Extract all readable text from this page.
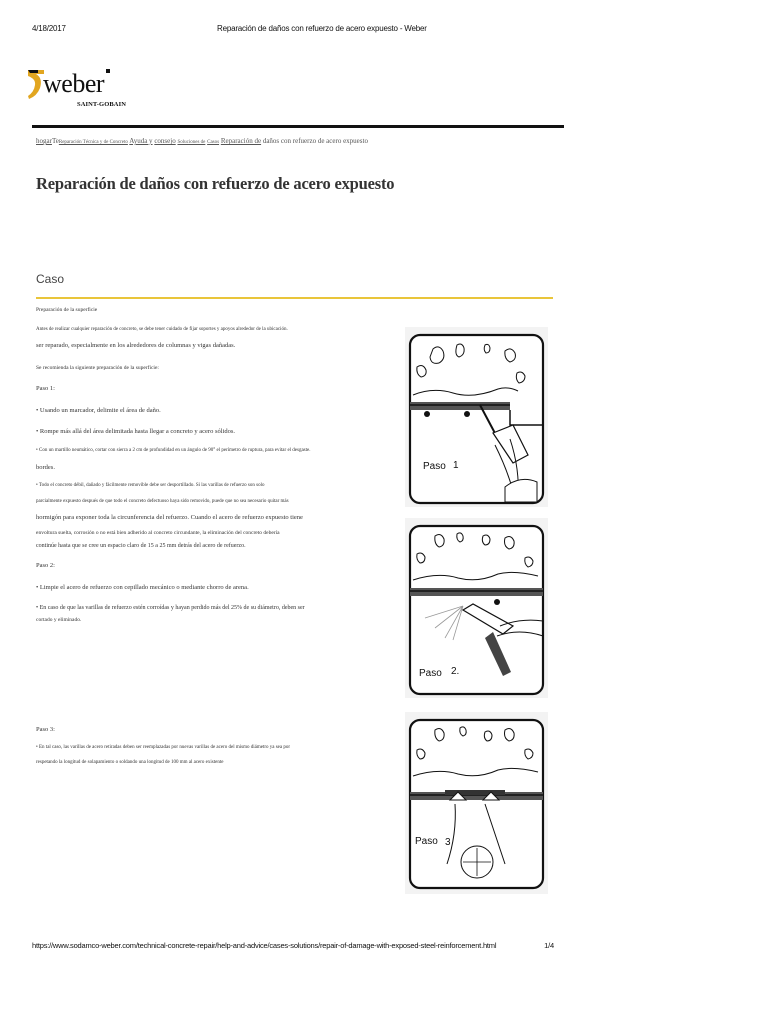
4/18/2017	Reparación de daños con refuerzo de acero expuesto - Weber
weber
SAINT-GOBAIN
hogarTeReparación Técnica y de Concreto Ayuda y consejo Soluciones de Casos Reparación de daños con refuerzo de acero expuesto
Reparación de daños con refuerzo de acero expuesto
Caso
Preparación de la superficie
Antes de realizar cualquier reparación de concreto, se debe tener cuidado de fijar soportes y apoyos alrededor de la ubicación.
ser reparado, especialmente en los alrededores de columnas y vigas dañadas.
Se recomienda la siguiente preparación de la superficie:
Paso 1:
• Usando un marcador, delimite el área de daño.
• Rompe más allá del área delimitada hasta llegar a concreto y acero sólidos.
• Con un martillo neumático, cortar con sierra a 2 cm de profundidad en un ángulo de 90° el perímetro de ruptura, para evitar el desgaste.
bordes.
• Todo el concreto débil, dañado y fácilmente removible debe ser desportillado. Si las varillas de refuerzo son solo
parcialmente expuesto después de que todo el concreto defectuoso haya sido removido, puede que no sea necesario quitar más
hormigón para exponer toda la circunferencia del refuerzo. Cuando el acero de refuerzo expuesto tiene
envoltura suelta, corrosión o no está bien adherido al concreto circundante, la eliminación del concreto debería
continúe hasta que se cree un espacio claro de 15 a 25 mm detrás del acero de refuerzo.
Paso 2:
• Limpie el acero de refuerzo con cepillado mecánico o mediante chorro de arena.
• En caso de que las varillas de refuerzo estén corroídas y hayan perdido más del 25% de su diámetro, deben ser
cortado y eliminado.
Paso 3:
• En tal caso, las varillas de acero retiradas deben ser reemplazadas por nuevas varillas de acero del mismo diámetro ya sea por
respetando la longitud de solapamiento o soldando una longitud de 100 mm al acero existente
Paso 1
Paso 2.
Paso 3
https://www.sodamco-weber.com/technical-concrete-repair/help-and-advice/cases-solutions/repair-of-damage-with-exposed-steel-reinforcement.html	1/4
